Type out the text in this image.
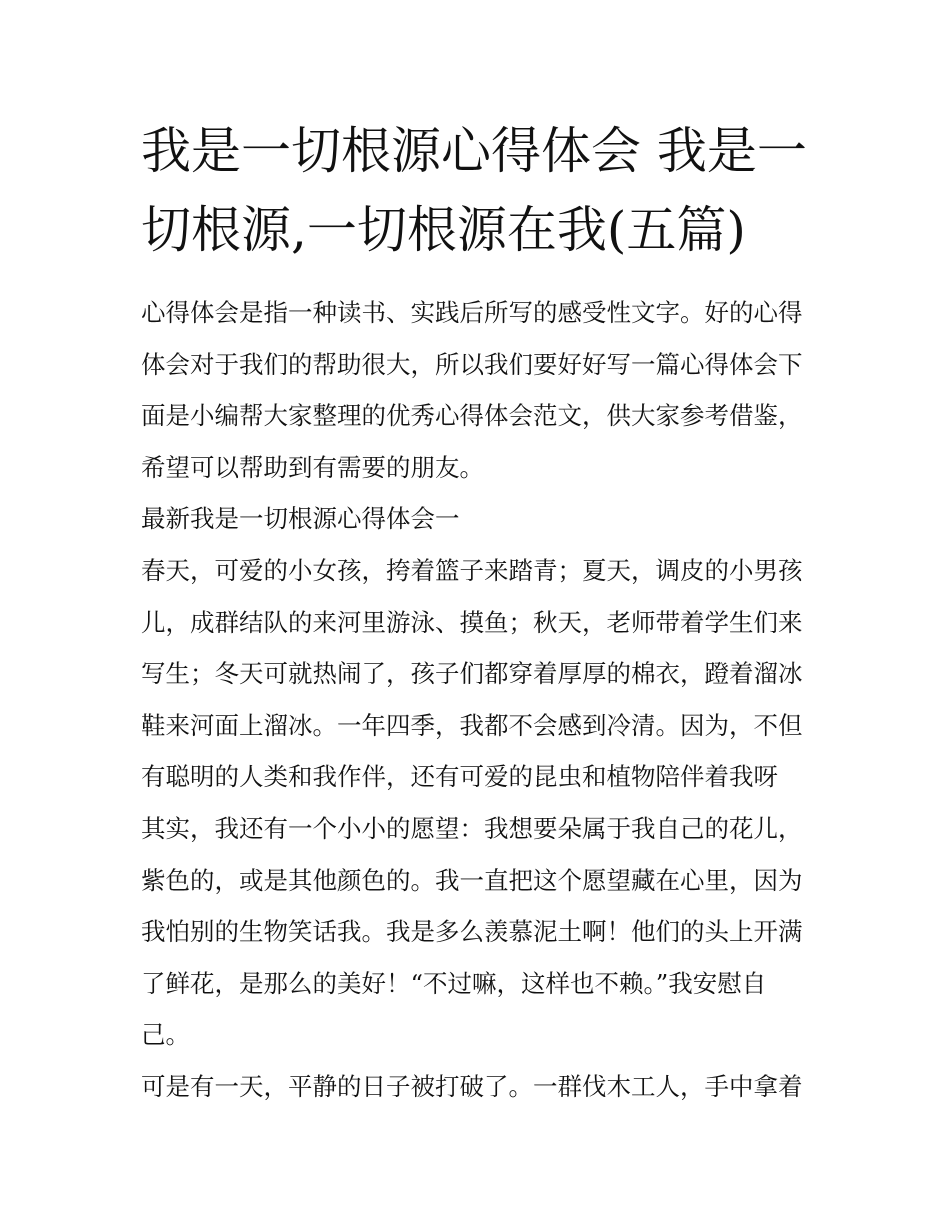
我是一切根源心得体会 我是一
切根源,一切根源在我(五篇)
心得体会是指一种读书、实践后所写的感受性文字。好的心得
体会对于我们的帮助很大，所以我们要好好写一篇心得体会下
面是小编帮大家整理的优秀心得体会范文，供大家参考借鉴，
希望可以帮助到有需要的朋友。
最新我是一切根源心得体会一
春天，可爱的小女孩，挎着篮子来踏青；夏天，调皮的小男孩
儿，成群结队的来河里游泳、摸鱼；秋天，老师带着学生们来
写生；冬天可就热闹了，孩子们都穿着厚厚的棉衣，蹬着溜冰
鞋来河面上溜冰。一年四季，我都不会感到冷清。因为，不但
有聪明的人类和我作伴，还有可爱的昆虫和植物陪伴着我呀
其实，我还有一个小小的愿望：我想要朵属于我自己的花儿，
紫色的，或是其他颜色的。我一直把这个愿望藏在心里，因为
我怕别的生物笑话我。我是多么羡慕泥土啊！他们的头上开满
了鲜花，是那么的美好！“不过嘛，这样也不赖。”我安慰自
己。
可是有一天，平静的日子被打破了。一群伐木工人，手中拿着
